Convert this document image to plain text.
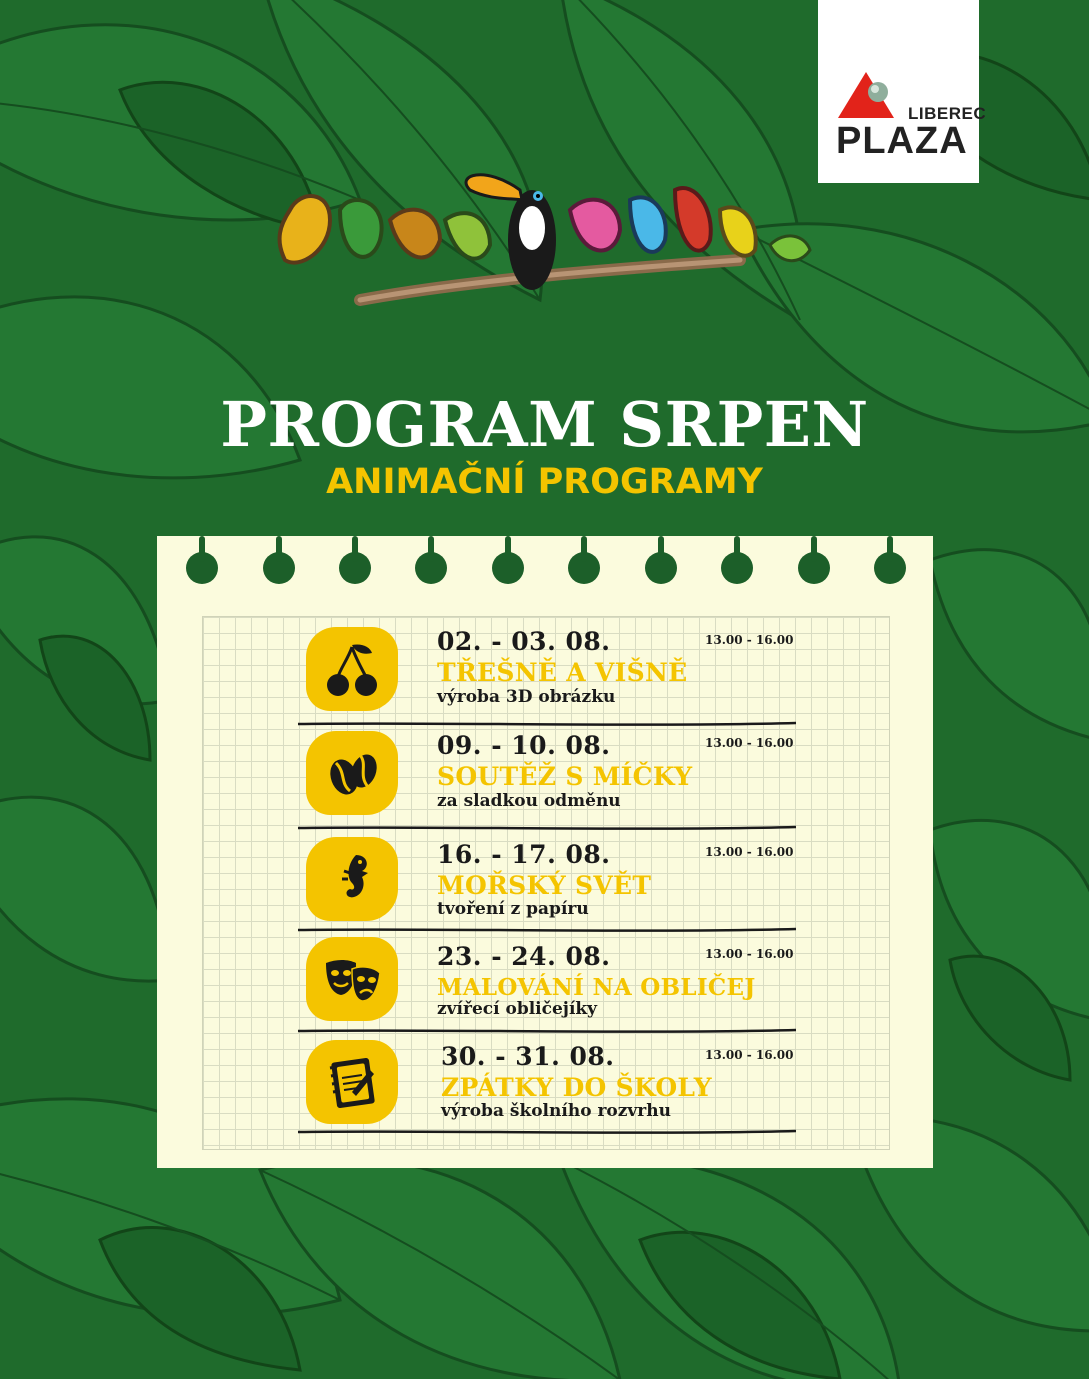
LIBEREC
PLAZA
PROGRAM SRPEN
ANIMAČNÍ PROGRAMY
02. - 03. 08.	13.00 - 16.00
TŘEŠNĚ A VIŠNĚ
výroba 3D obrázku
09. - 10. 08.	13.00 - 16.00
SOUTĚŽ S MÍČKY
za sladkou odměnu
16. - 17. 08.	13.00 - 16.00
MOŘSKÝ SVĚT
tvoření z papíru
23. - 24. 08.	13.00 - 16.00
MALOVÁNÍ NA OBLIČEJ
zvířecí obličejíky
30. - 31. 08.	13.00 - 16.00
ZPÁTKY DO ŠKOLY
výroba školního rozvrhu
